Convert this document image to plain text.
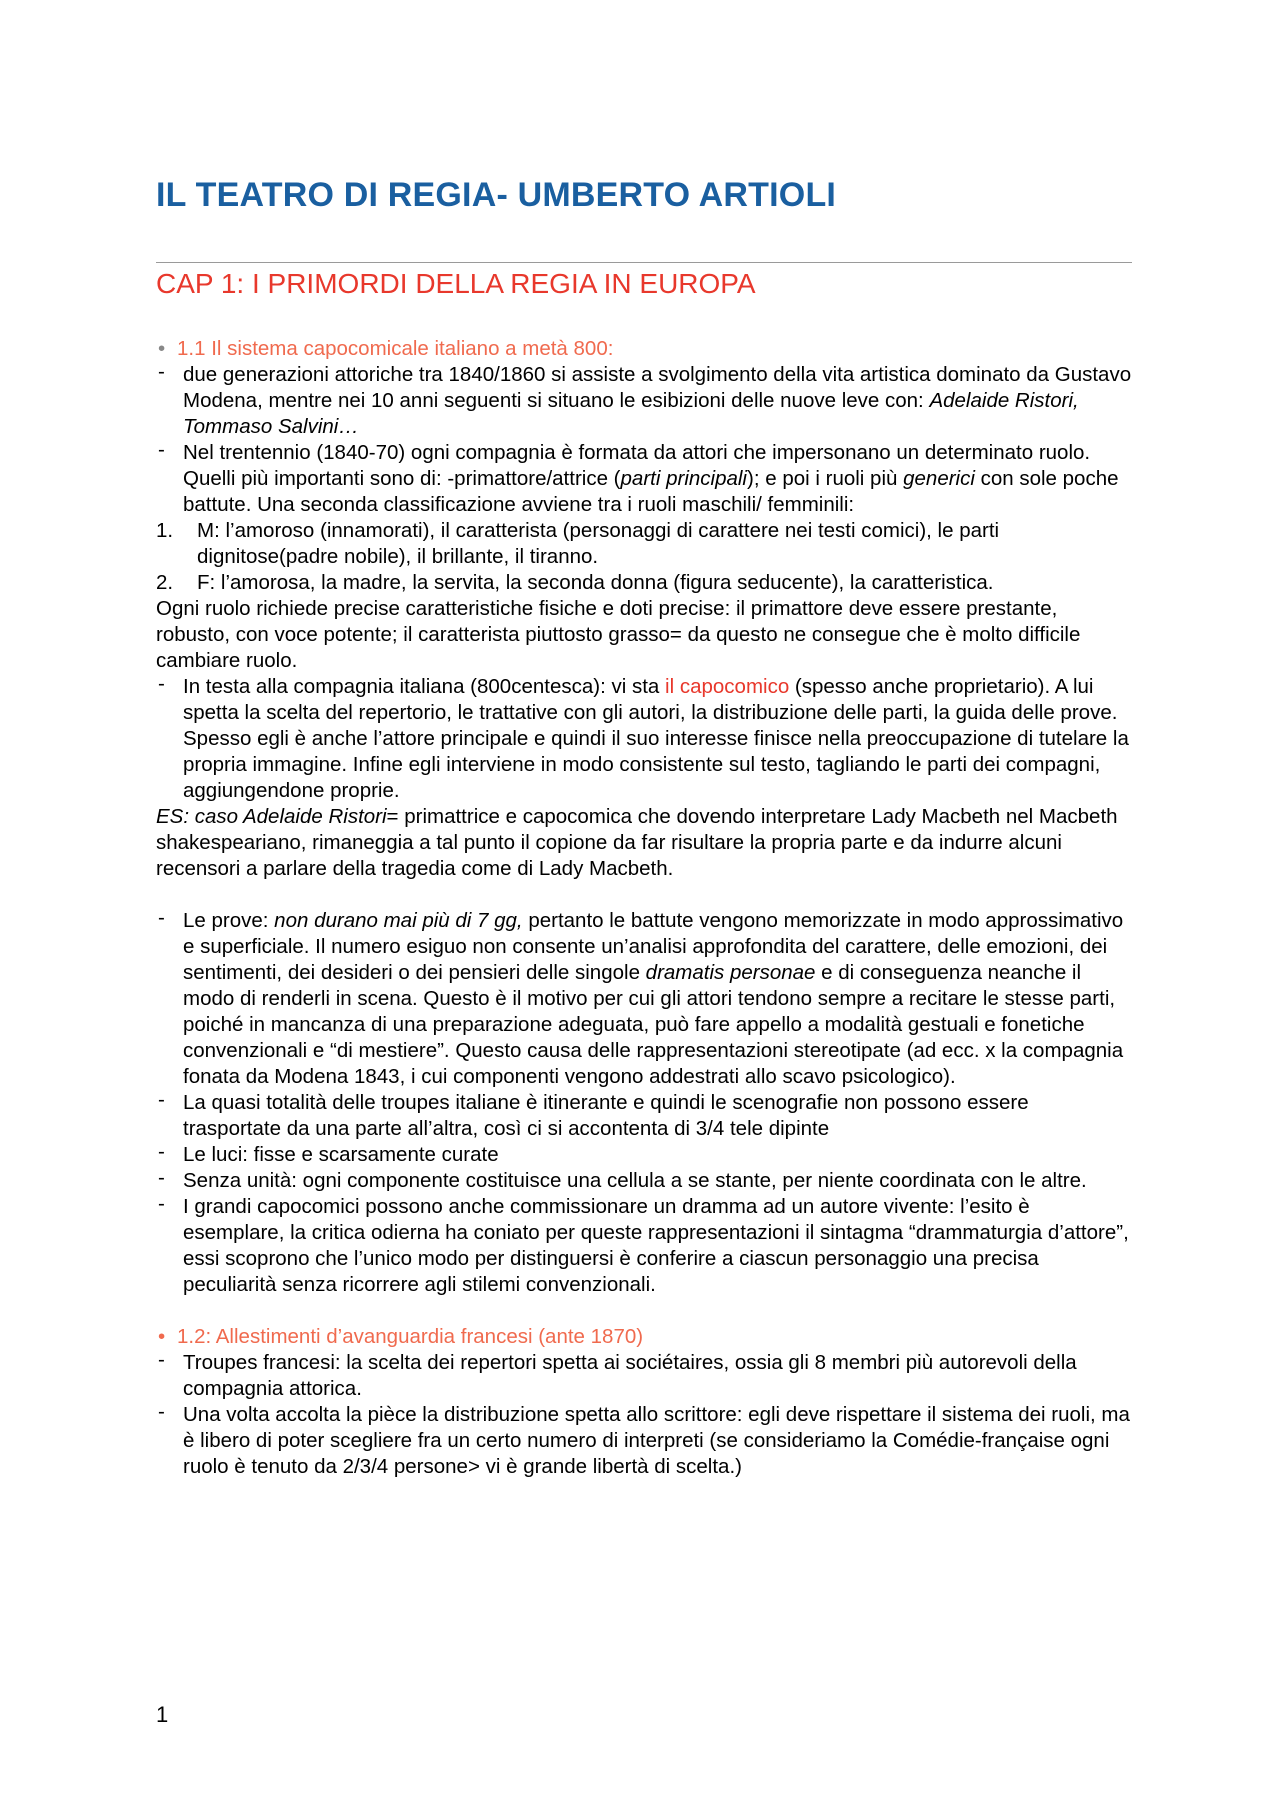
IL TEATRO DI REGIA- UMBERTO ARTIOLI
CAP 1: I PRIMORDI DELLA REGIA IN EUROPA
• 1.1 Il sistema capocomicale italiano a metà 800:
- due generazioni attoriche tra 1840/1860 si assiste a svolgimento della vita artistica dominato da Gustavo Modena, mentre nei 10 anni seguenti si situano le esibizioni delle nuove leve con: Adelaide Ristori, Tommaso Salvini…
- Nel trentennio (1840-70) ogni compagnia è formata da attori che impersonano un determinato ruolo. Quelli più importanti sono di: -primattore/attrice (parti principali); e poi i ruoli più generici con sole poche battute. Una seconda classificazione avviene tra i ruoli maschili/ femminili:
1. M: l’amoroso (innamorati), il caratterista (personaggi di carattere nei testi comici), le parti dignitose(padre nobile), il brillante, il tiranno.
2. F: l’amorosa, la madre, la servita, la seconda donna (figura seducente), la caratteristica.
Ogni ruolo richiede precise caratteristiche fisiche e doti precise: il primattore deve essere prestante, robusto, con voce potente; il caratterista piuttosto grasso= da questo ne consegue che è molto difficile cambiare ruolo.
- In testa alla compagnia italiana (800centesca): vi sta il capocomico (spesso anche proprietario). A lui spetta la scelta del repertorio, le trattative con gli autori, la distribuzione delle parti, la guida delle prove. Spesso egli è anche l’attore principale e quindi il suo interesse finisce nella preoccupazione di tutelare la propria immagine. Infine egli interviene in modo consistente sul testo, tagliando le parti dei compagni, aggiungendone proprie.
ES: caso Adelaide Ristori= primattrice e capocomica che dovendo interpretare Lady Macbeth nel Macbeth shakespeariano, rimaneggia a tal punto il copione da far risultare la propria parte e da indurre alcuni recensori a parlare della tragedia come di Lady Macbeth.
- Le prove: non durano mai più di 7 gg, pertanto le battute vengono memorizzate in modo approssimativo e superficiale. Il numero esiguo non consente un’analisi approfondita del carattere, delle emozioni, dei sentimenti, dei desideri o dei pensieri delle singole dramatis personae e di conseguenza neanche il modo di renderli in scena. Questo è il motivo per cui gli attori tendono sempre a recitare le stesse parti, poiché in mancanza di una preparazione adeguata, può fare appello a modalità gestuali e fonetiche convenzionali e “di mestiere”. Questo causa delle rappresentazioni stereotipate (ad ecc. x la compagnia fonata da Modena 1843, i cui componenti vengono addestrati allo scavo psicologico).
- La quasi totalità delle troupes italiane è itinerante e quindi le scenografie non possono essere trasportate da una parte all’altra, così ci si accontenta di 3/4 tele dipinte
- Le luci: fisse e scarsamente curate
- Senza unità: ogni componente costituisce una cellula a se stante, per niente coordinata con le altre.
- I grandi capocomici possono anche commissionare un dramma ad un autore vivente: l’esito è esemplare, la critica odierna ha coniato per queste rappresentazioni il sintagma “drammaturgia d’attore”, essi scoprono che l’unico modo per distinguersi è conferire a ciascun personaggio una precisa peculiarità senza ricorrere agli stilemi convenzionali.
• 1.2: Allestimenti d’avanguardia francesi (ante 1870)
- Troupes francesi: la scelta dei repertori spetta ai sociétaires, ossia gli 8 membri più autorevoli della compagnia attorica.
- Una volta accolta la pièce la distribuzione spetta allo scrittore: egli deve rispettare il sistema dei ruoli, ma è libero di poter scegliere fra un certo numero di interpreti (se consideriamo la Comédie-française ogni ruolo è tenuto da 2/3/4 persone> vi è grande libertà di scelta.)
1
